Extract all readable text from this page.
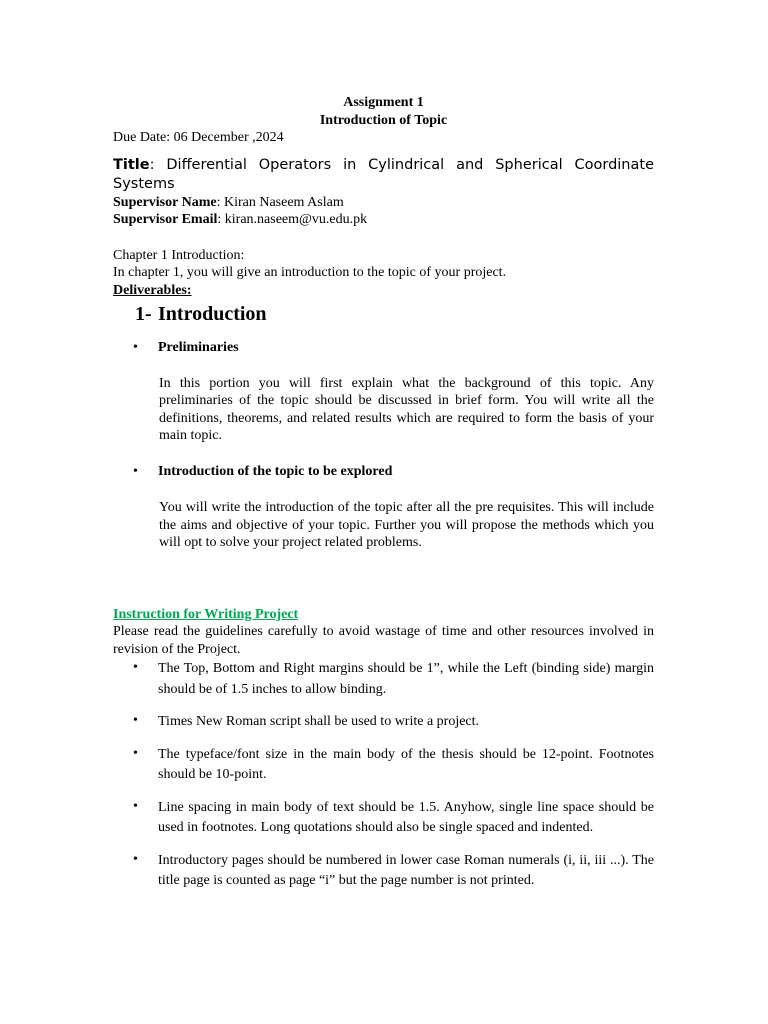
Assignment 1
Introduction of Topic
Due Date: 06 December ,2024
Title: Differential Operators in Cylindrical and Spherical Coordinate Systems
Supervisor Name: Kiran Naseem Aslam
Supervisor Email: kiran.naseem@vu.edu.pk
Chapter 1 Introduction:
In chapter 1, you will give an introduction to the topic of your project.
Deliverables:
1- Introduction
•	Preliminaries
In this portion you will first explain what the background of this topic. Any preliminaries of the topic should be discussed in brief form. You will write all the definitions, theorems, and related results which are required to form the basis of your main topic.
•	Introduction of the topic to be explored
You will write the introduction of the topic after all the pre requisites. This will include the aims and objective of your topic. Further you will propose the methods which you will opt to solve your project related problems.
Instruction for Writing Project
Please read the guidelines carefully to avoid wastage of time and other resources involved in revision of the Project.
•	The Top, Bottom and Right margins should be 1”, while the Left (binding side) margin should be of 1.5 inches to allow binding.
•	Times New Roman script shall be used to write a project.
•	The typeface/font size in the main body of the thesis should be 12-point. Footnotes should be 10-point.
•	Line spacing in main body of text should be 1.5. Anyhow, single line space should be used in footnotes. Long quotations should also be single spaced and indented.
•	Introductory pages should be numbered in lower case Roman numerals (i, ii, iii ...). The title page is counted as page “i” but the page number is not printed.
